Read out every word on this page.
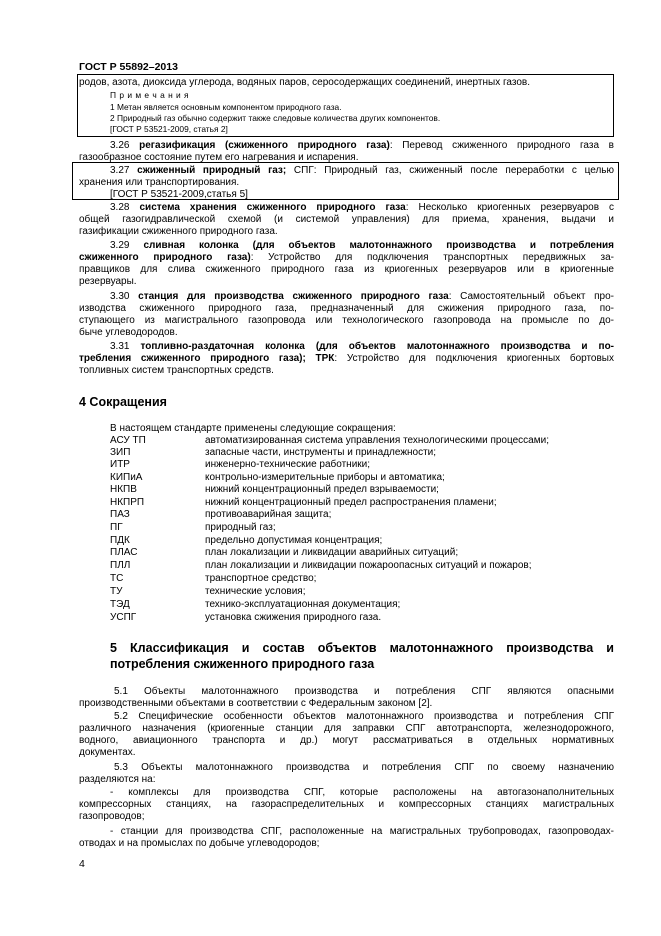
ГОСТ Р 55892–2013
родов, азота, диоксида углерода, водяных паров, серосодержащих соединений, инертных газов.
П р и м е ч а н и я
1 Метан является основным компонентом природного газа.
2 Природный газ обычно содержит также следовые количества других компонентов.
[ГОСТ Р 53521-2009, статья 2]
3.26 регазификация (сжиженного природного газа): Перевод сжиженного природного газа в
газообразное состояние путем его нагревания и испарения.
3.27 сжиженный природный газ; СПГ: Природный газ, сжиженный после переработки с целью
хранения или транспортирования.
[ГОСТ Р 53521-2009,статья 5]
3.28 система хранения сжиженного природного газа: Несколько криогенных резервуаров с
общей газогидравлической схемой (и системой управления) для приема, хранения, выдачи и
газификации сжиженного природного газа.
3.29 сливная колонка (для объектов малотоннажного производства и потребления
сжиженного природного газа): Устройство для подключения транспортных передвижных за-
правщиков для слива сжиженного природного газа из криогенных резервуаров или в криогенные
резервуары.
3.30 станция для производства сжиженного природного газа: Самостоятельный объект про-
изводства сжиженного природного газа, предназначенный для сжижения природного газа, по-
ступающего из магистрального газопровода или технологического газопровода на промысле по до-
быче углеводородов.
3.31 топливно-раздаточная колонка (для объектов малотоннажного производства и по-
требления сжиженного природного газа); ТРК: Устройство для подключения криогенных бортовых
топливных систем транспортных средств.
4 Сокращения
В настоящем стандарте применены следующие сокращения:
АСУ ТП	автоматизированная система управления технологическими процессами;
ЗИП	запасные части, инструменты и принадлежности;
ИТР	инженерно-технические работники;
КИПиА	контрольно-измерительные приборы и автоматика;
НКПВ	нижний концентрационный предел взрываемости;
НКПРП	нижний концентрационный предел распространения пламени;
ПАЗ	противоаварийная защита;
ПГ	природный газ;
ПДК	предельно допустимая концентрация;
ПЛАС	план локализации и ликвидации аварийных ситуаций;
ПЛЛ	план локализации и ликвидации пожароопасных ситуаций и пожаров;
ТС	транспортное средство;
ТУ	технические условия;
ТЭД	технико-эксплуатационная документация;
УСПГ	установка сжижения природного газа.
5 Классификация и состав объектов малотоннажного производства и
потребления сжиженного природного газа
5.1 Объекты малотоннажного производства и потребления СПГ являются опасными
производственными объектами в соответствии с Федеральным законом [2].
5.2 Специфические особенности объектов малотоннажного производства и потребления СПГ
различного назначения (криогенные станции для заправки СПГ автотранспорта, железнодорожного,
водного, авиационного транспорта и др.) могут рассматриваться в отдельных нормативных
документах.
5.3 Объекты малотоннажного производства и потребления СПГ по своему назначению
разделяются на:
- комплексы для производства СПГ, которые расположены на автогазонаполнительных
компрессорных станциях, на газораспределительных и компрессорных станциях магистральных
газопроводов;
- станции для производства СПГ, расположенные на магистральных трубопроводах, газопроводах-
отводах и на промыслах по добыче углеводородов;
4
